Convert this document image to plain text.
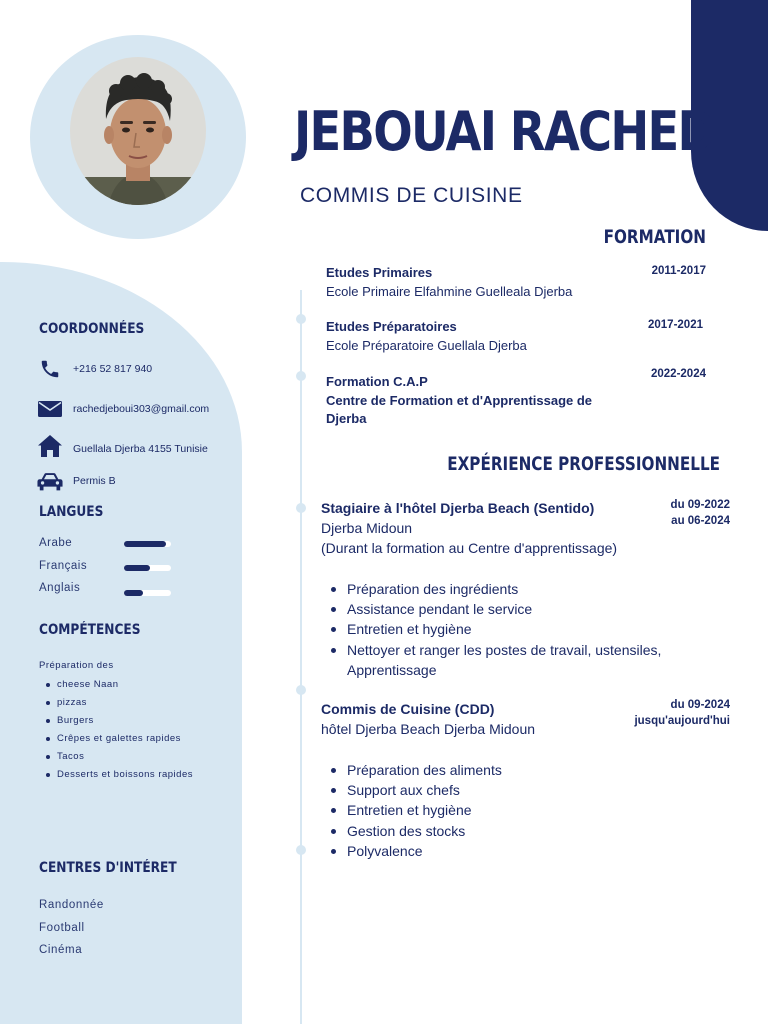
JEBOUAI RACHED
COMMIS DE CUISINE
COORDONNÉES
+216 52 817 940
rachedjeboui303@gmail.com
Guellala Djerba 4155 Tunisie
Permis B
LANGUES
Arabe
Français
Anglais
COMPÉTENCES
Préparation des
cheese Naan
pizzas
Burgers
Crêpes et galettes rapides
Tacos
Desserts et boissons rapides
CENTRES D'INTÉRET
Randonnée
Football
Cinéma
FORMATION
Etudes Primaires
Ecole Primaire Elfahmine Guelleala Djerba
2011-2017
Etudes Préparatoires
Ecole Préparatoire Guellala Djerba
2017-2021
Formation C.A.P
Centre de Formation et d'Apprentissage de Djerba
2022-2024
EXPÉRIENCE PROFESSIONNELLE
Stagiaire à l'hôtel Djerba Beach (Sentido)
Djerba Midoun
(Durant la formation au Centre d'apprentissage)
du 09-2022
au 06-2024
Préparation des ingrédients
Assistance pendant le service
Entretien et hygiène
Nettoyer et ranger les postes de travail, ustensiles, Apprentissage
Commis de Cuisine (CDD)
hôtel Djerba Beach Djerba Midoun
du 09-2024
jusqu'aujourd'hui
Préparation des aliments
Support aux chefs
Entretien et hygiène
Gestion des stocks
Polyvalence
